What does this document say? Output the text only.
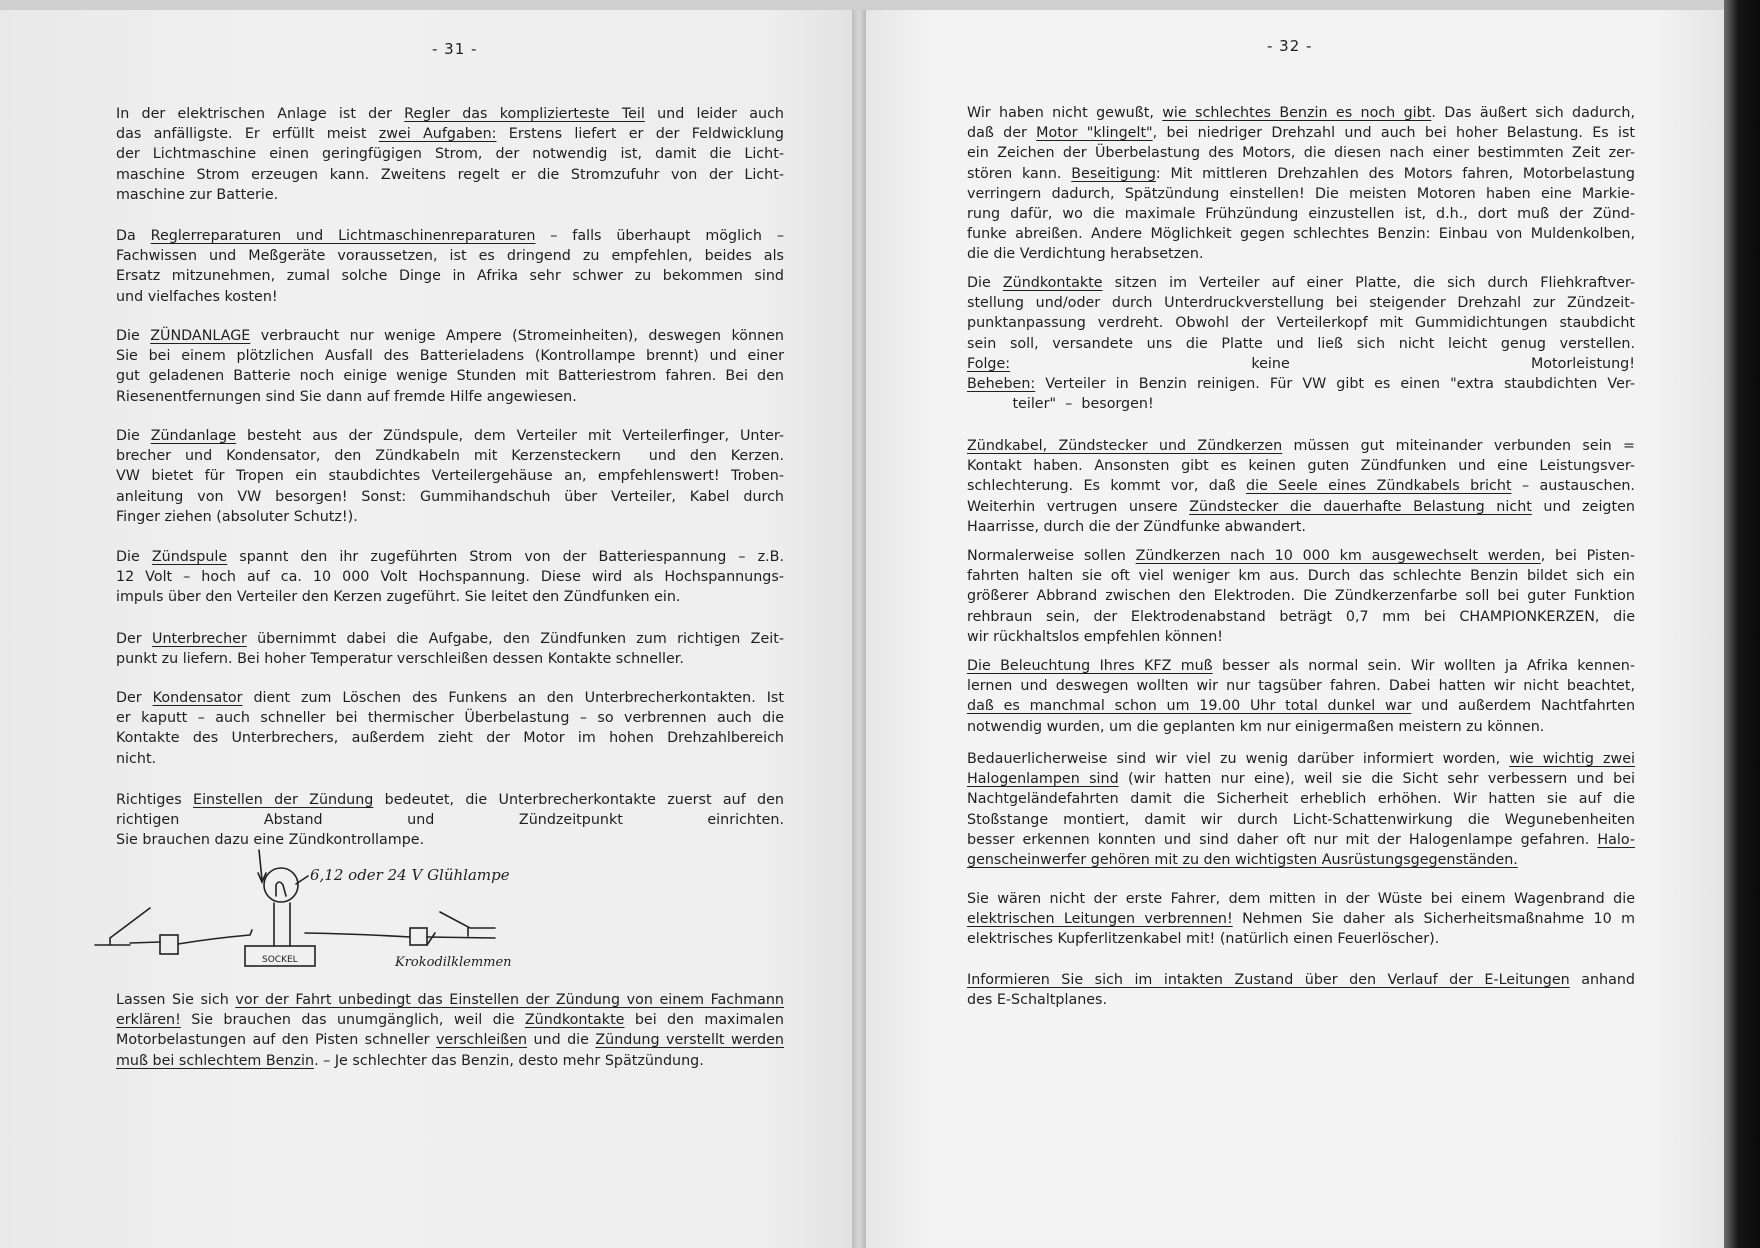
- 31 -	- 32 -
In der elektrischen Anlage ist der Regler das komplizierteste Teil und leider auch
das anfälligste. Er erfüllt meist zwei Aufgaben: Erstens liefert er der Feldwicklung
der Lichtmaschine einen geringfügigen Strom, der notwendig ist, damit die Licht-
maschine Strom erzeugen kann. Zweitens regelt er die Stromzufuhr von der Licht-
maschine zur Batterie.
Da Reglerreparaturen und Lichtmaschinenreparaturen – falls überhaupt möglich –
Fachwissen und Meßgeräte voraussetzen, ist es dringend zu empfehlen, beides als
Ersatz mitzunehmen, zumal solche Dinge in Afrika sehr schwer zu bekommen sind
und vielfaches kosten!
Die ZÜNDANLAGE verbraucht nur wenige Ampere (Stromeinheiten), deswegen können
Sie bei einem plötzlichen Ausfall des Batterieladens (Kontrollampe brennt) und einer
gut geladenen Batterie noch einige wenige Stunden mit Batteriestrom fahren. Bei den
Riesenentfernungen sind Sie dann auf fremde Hilfe angewiesen.
Die Zündanlage besteht aus der Zündspule, dem Verteiler mit Verteilerfinger, Unter-
brecher und Kondensator, den Zündkabeln mit Kerzensteckern  und den Kerzen.
VW bietet für Tropen ein staubdichtes Verteilergehäuse an, empfehlenswert! Troben-
anleitung von VW besorgen! Sonst: Gummihandschuh über Verteiler, Kabel durch
Finger ziehen (absoluter Schutz!).
Die Zündspule spannt den ihr zugeführten Strom von der Batteriespannung – z.B.
12 Volt – hoch auf ca. 10 000 Volt Hochspannung. Diese wird als Hochspannungs-
impuls über den Verteiler den Kerzen zugeführt. Sie leitet den Zündfunken ein.
Der Unterbrecher übernimmt dabei die Aufgabe, den Zündfunken zum richtigen Zeit-
punkt zu liefern. Bei hoher Temperatur verschleißen dessen Kontakte schneller.
Der Kondensator dient zum Löschen des Funkens an den Unterbrecherkontakten. Ist
er kaputt – auch schneller bei thermischer Überbelastung – so verbrennen auch die
Kontakte des Unterbrechers, außerdem zieht der Motor im hohen Drehzahlbereich
nicht.
Richtiges Einstellen der Zündung bedeutet, die Unterbrecherkontakte zuerst auf den
richtigen Abstand und Zündzeitpunkt einrichten.
Sie brauchen dazu eine Zündkontrollampe.
Lassen Sie sich vor der Fahrt unbedingt das Einstellen der Zündung von einem Fachmann
erklären! Sie brauchen das unumgänglich, weil die Zündkontakte bei den maximalen
Motorbelastungen auf den Pisten schneller verschleißen und die Zündung verstellt werden
muß bei schlechtem Benzin. – Je schlechter das Benzin, desto mehr Spätzündung.
Wir haben nicht gewußt, wie schlechtes Benzin es noch gibt. Das äußert sich dadurch,
daß der Motor "klingelt", bei niedriger Drehzahl und auch bei hoher Belastung. Es ist
ein Zeichen der Überbelastung des Motors, die diesen nach einer bestimmten Zeit zer-
stören kann. Beseitigung: Mit mittleren Drehzahlen des Motors fahren, Motorbelastung
verringern dadurch, Spätzündung einstellen! Die meisten Motoren haben eine Markie-
rung dafür, wo die maximale Frühzündung einzustellen ist, d.h., dort muß der Zünd-
funke abreißen. Andere Möglichkeit gegen schlechtes Benzin: Einbau von Muldenkolben,
die die Verdichtung herabsetzen.
Die Zündkontakte sitzen im Verteiler auf einer Platte, die sich durch Fliehkraftver-
stellung und/oder durch Unterdruckverstellung bei steigender Drehzahl zur Zündzeit-
punktanpassung verdreht. Obwohl der Verteilerkopf mit Gummidichtungen staubdicht
sein soll, versandete uns die Platte und ließ sich nicht leicht genug verstellen.
Folge: keine Motorleistung!
Beheben: Verteiler in Benzin reinigen. Für VW gibt es einen "extra staubdichten Ver-
teiler"  –  besorgen!
Zündkabel, Zündstecker und Zündkerzen müssen gut miteinander verbunden sein =
Kontakt haben. Ansonsten gibt es keinen guten Zündfunken und eine Leistungsver-
schlechterung. Es kommt vor, daß die Seele eines Zündkabels bricht – austauschen.
Weiterhin vertrugen unsere Zündstecker die dauerhafte Belastung nicht und zeigten
Haarrisse, durch die der Zündfunke abwandert.
Normalerweise sollen Zündkerzen nach 10 000 km ausgewechselt werden, bei Pisten-
fahrten halten sie oft viel weniger km aus. Durch das schlechte Benzin bildet sich ein
größerer Abbrand zwischen den Elektroden. Die Zündkerzenfarbe soll bei guter Funktion
rehbraun sein, der Elektrodenabstand beträgt 0,7 mm bei CHAMPIONKERZEN, die
wir rückhaltslos empfehlen können!
Die Beleuchtung Ihres KFZ muß besser als normal sein. Wir wollten ja Afrika kennen-
lernen und deswegen wollten wir nur tagsüber fahren. Dabei hatten wir nicht beachtet,
daß es manchmal schon um 19.00 Uhr total dunkel war und außerdem Nachtfahrten
notwendig wurden, um die geplanten km nur einigermaßen meistern zu können.
Bedauerlicherweise sind wir viel zu wenig darüber informiert worden, wie wichtig zwei
Halogenlampen sind (wir hatten nur eine), weil sie die Sicht sehr verbessern und bei
Nachtgeländefahrten damit die Sicherheit erheblich erhöhen. Wir hatten sie auf die
Stoßstange montiert, damit wir durch Licht-Schattenwirkung die Wegunebenheiten
besser erkennen konnten und sind daher oft nur mit der Halogenlampe gefahren. Halo-
genscheinwerfer gehören mit zu den wichtigsten Ausrüstungsgegenständen.
Sie wären nicht der erste Fahrer, dem mitten in der Wüste bei einem Wagenbrand die
elektrischen Leitungen verbrennen! Nehmen Sie daher als Sicherheitsmaßnahme 10 m
elektrisches Kupferlitzenkabel mit! (natürlich einen Feuerlöscher).
Informieren Sie sich im intakten Zustand über den Verlauf der E-Leitungen anhand
des E-Schaltplanes.
6,12 oder 24 V Glühlampe
SOCKEL	Krokodilklemmen
